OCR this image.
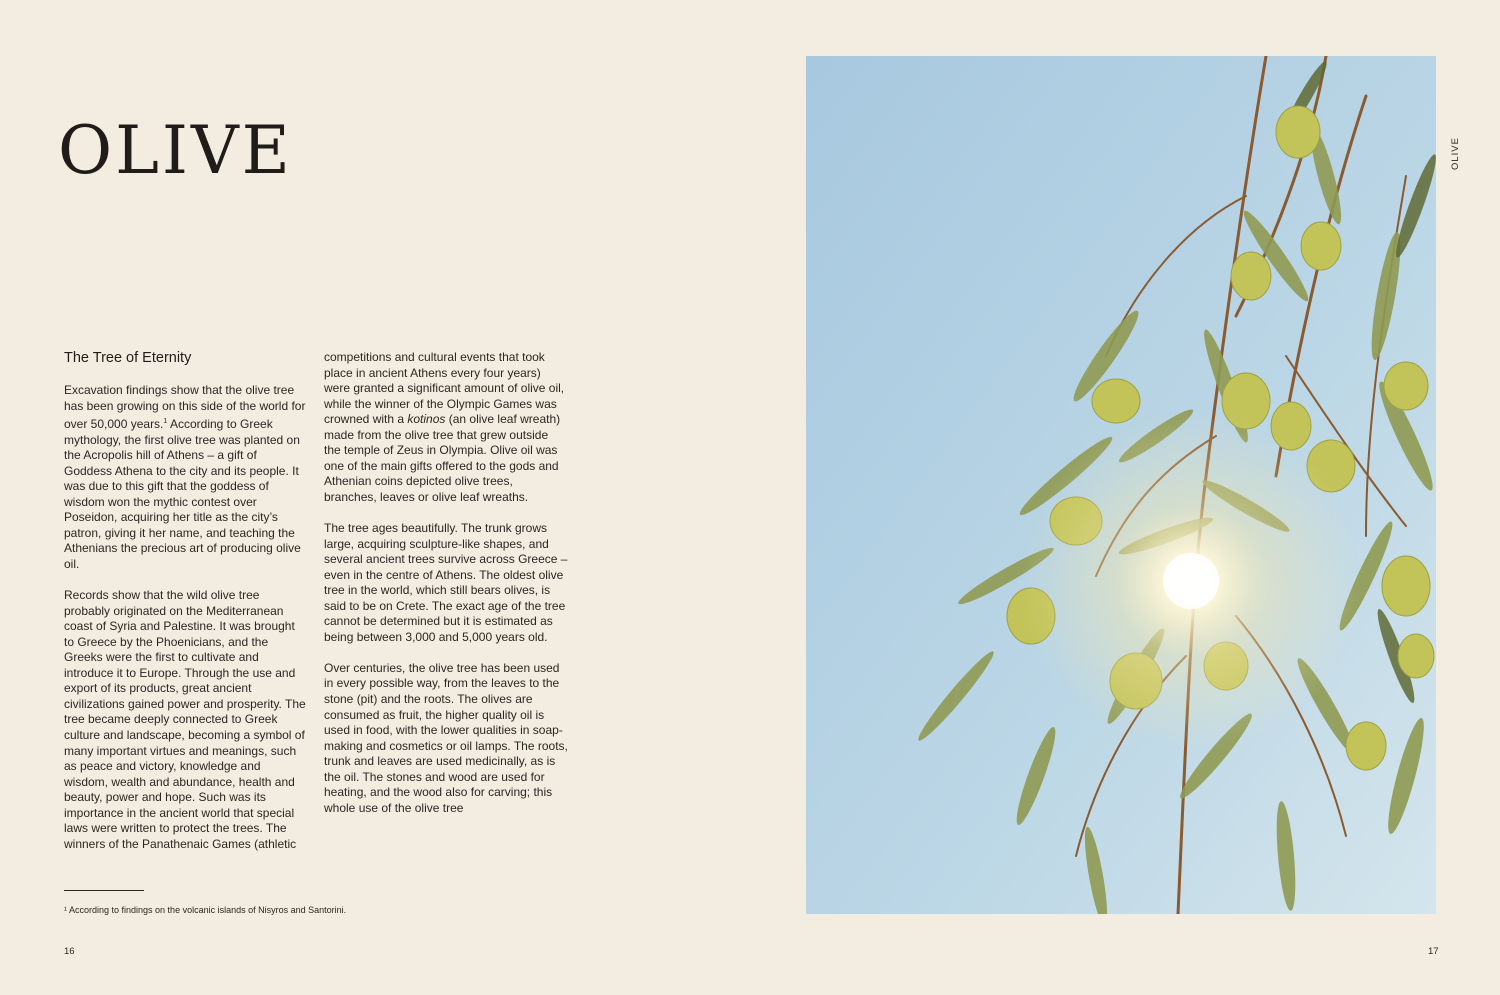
OLIVE
The Tree of Eternity

Excavation findings show that the olive tree has been growing on this side of the world for over 50,000 years.$^1$ According to Greek mythology, the first olive tree was planted on the Acropolis hill of Athens – a gift of Goddess Athena to the city and its people. It was due to this gift that the goddess of wisdom won the mythic contest over Poseidon, acquiring her title as the city’s patron, giving it her name, and teaching the Athenians the precious art of producing olive oil.

Records show that the wild olive tree probably originated on the Mediterranean coast of Syria and Palestine. It was brought to Greece by the Phoenicians, and the Greeks were the first to cultivate and introduce it to Europe. Through the use and export of its products, great ancient civilizations gained power and prosperity. The tree became deeply connected to Greek culture and landscape, becoming a symbol of many important virtues and meanings, such as peace and victory, knowledge and wisdom, wealth and abundance, health and beauty, power and hope. Such was its importance in the ancient world that special laws were written to protect the trees. The winners of the Panathenaic Games (athletic

competitions and cultural events that took place in ancient Athens every four years) were granted a significant amount of olive oil, while the winner of the Olympic Games was crowned with a kotinos (an olive leaf wreath) made from the olive tree that grew outside the temple of Zeus in Olympia. Olive oil was one of the main gifts offered to the gods and Athenian coins depicted olive trees, branches, leaves or olive leaf wreaths.

The tree ages beautifully. The trunk grows large, acquiring sculpture-like shapes, and several ancient trees survive across Greece – even in the centre of Athens. The oldest olive tree in the world, which still bears olives, is said to be on Crete. The exact age of the tree cannot be determined but it is estimated as being between 3,000 and 5,000 years old.

Over centuries, the olive tree has been used in every possible way, from the leaves to the stone (pit) and the roots. The olives are consumed as fruit, the higher quality oil is used in food, with the lower qualities in soap-making and cosmetics or oil lamps. The roots, trunk and leaves are used medicinally, as is the oil. The stones and wood are used for heating, and the wood also for carving; this whole use of the olive tree

¹ According to findings on the volcanic islands of Nisyros and Santorini.
16
OLIVE
17
